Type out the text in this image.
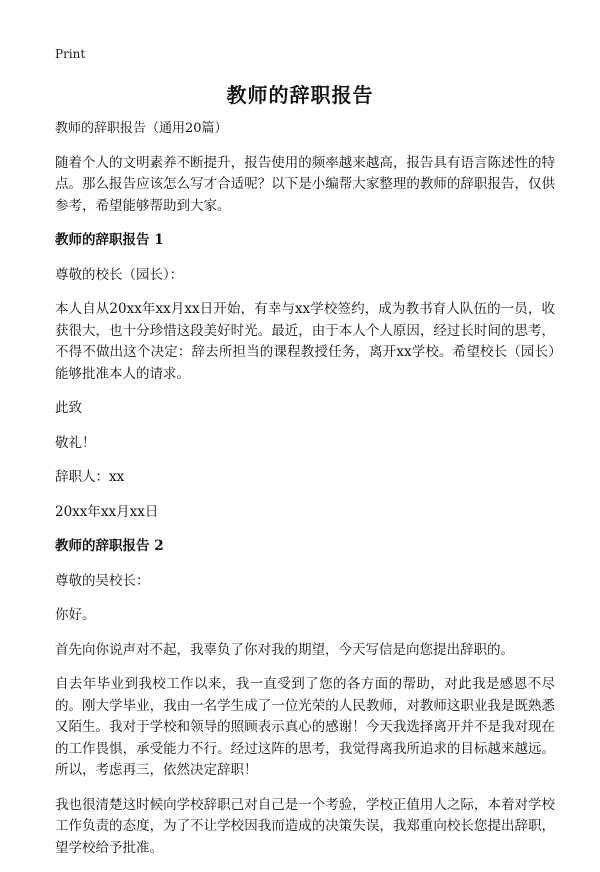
Print
教师的辞职报告

教师的辞职报告（通用20篇）

随着个人的文明素养不断提升，报告使用的频率越来越高，报告具有语言陈述性的特点。那么报告应该怎么写才合适呢？以下是小编帮大家整理的教师的辞职报告，仅供参考，希望能够帮助到大家。

教师的辞职报告 1

尊敬的校长（园长）：

本人自从20xx年xx月xx日开始，有幸与xx学校签约，成为教书育人队伍的一员，收获很大，也十分珍惜这段美好时光。最近，由于本人个人原因，经过长时间的思考，不得不做出这个决定：辞去所担当的课程教授任务，离开xx学校。希望校长（园长）能够批准本人的请求。

此致

敬礼！

辞职人：xx

20xx年xx月xx日

教师的辞职报告 2

尊敬的吴校长：

你好。

首先向你说声对不起，我辜负了你对我的期望，今天写信是向您提出辞职的。

自去年毕业到我校工作以来，我一直受到了您的各方面的帮助，对此我是感恩不尽的。刚大学毕业，我由一名学生成了一位光荣的人民教师，对教师这职业我是既熟悉又陌生。我对于学校和领导的照顾表示真心的感谢！今天我选择离开并不是我对现在的工作畏惧，承受能力不行。经过这阵的思考，我觉得离我所追求的目标越来越远。所以，考虑再三，依然决定辞职！

我也很清楚这时候向学校辞职己对自己是一个考验，学校正值用人之际，本着对学校工作负责的态度，为了不让学校因我而造成的决策失误，我郑重向校长您提出辞职，望学校给予批准。
